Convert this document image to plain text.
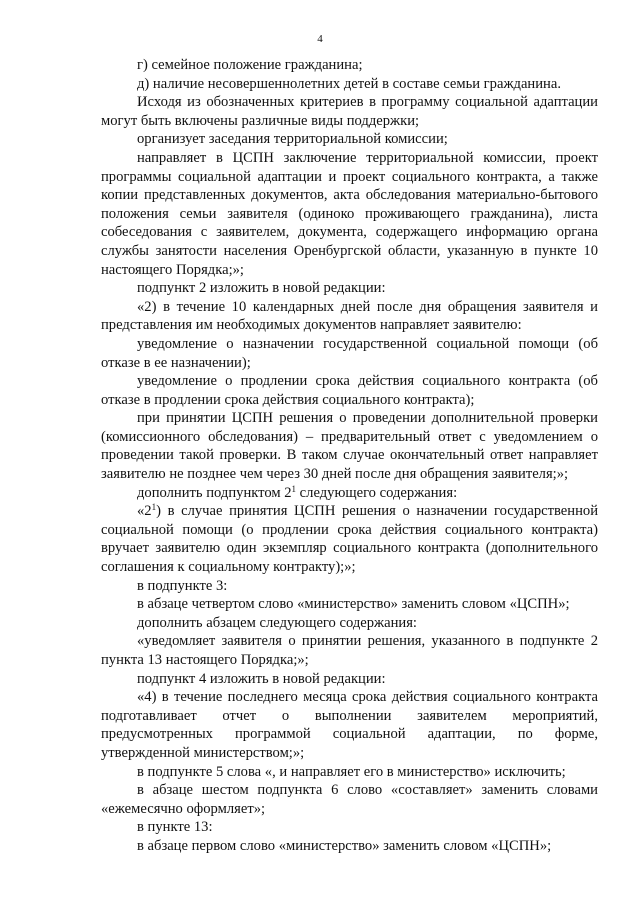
4

г) семейное положение гражданина;

д) наличие несовершеннолетних детей в составе семьи гражданина.

Исходя из обозначенных критериев в программу социальной адаптации могут быть включены различные виды поддержки;

организует заседания территориальной комиссии;

направляет в ЦСПН заключение территориальной комиссии, проект программы социальной адаптации и проект социального контракта, а также копии представленных документов, акта обследования материально-бытового положения семьи заявителя (одиноко проживающего гражданина), листа собеседования с заявителем, документа, содержащего информацию органа службы занятости населения Оренбургской области, указанную в пункте 10 настоящего Порядка;»;

подпункт 2 изложить в новой редакции:

«2) в течение 10 календарных дней после дня обращения заявителя и представления им необходимых документов направляет заявителю:

уведомление о назначении государственной социальной помощи (об отказе в ее назначении);

уведомление о продлении срока действия социального контракта (об отказе в продлении срока действия социального контракта);

при принятии ЦСПН решения о проведении дополнительной проверки (комиссионного обследования) – предварительный ответ с уведомлением о проведении такой проверки. В таком случае окончательный ответ направляет заявителю не позднее чем через 30 дней после дня обращения заявителя;»;

дополнить подпунктом $2^1$ следующего содержания:

«$2^1$) в случае принятия ЦСПН решения о назначении государственной социальной помощи (о продлении срока действия социального контракта) вручает заявителю один экземпляр социального контракта (дополнительного соглашения к социальному контракту);»;

в подпункте 3:

в абзаце четвертом слово «министерство» заменить словом «ЦСПН»;

дополнить абзацем следующего содержания:

«уведомляет заявителя о принятии решения, указанного в подпункте 2 пункта 13 настоящего Порядка;»;

подпункт 4 изложить в новой редакции:

«4) в течение последнего месяца срока действия социального контракта подготавливает отчет о выполнении заявителем мероприятий, предусмотренных программой социальной адаптации, по форме, утвержденной министерством;»;

в подпункте 5 слова «, и направляет его в министерство» исключить;

в абзаце шестом подпункта 6 слово «составляет» заменить словами «ежемесячно оформляет»;

в пункте 13:

в абзаце первом слово «министерство» заменить словом «ЦСПН»;
